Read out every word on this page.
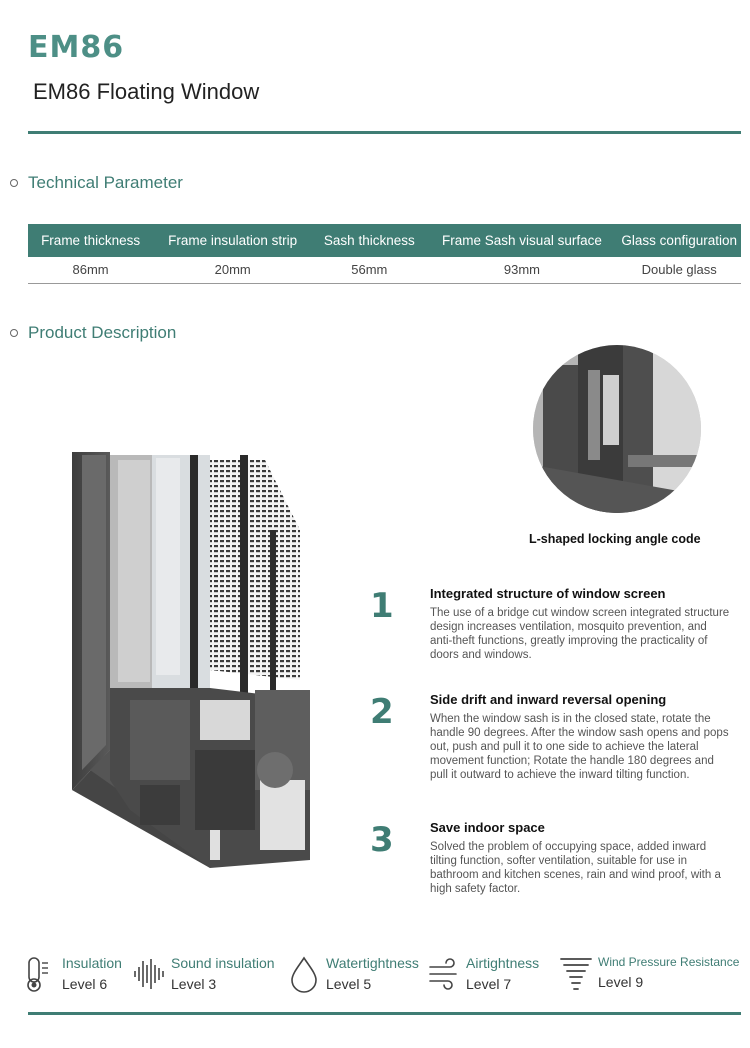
EM86
EM86 Floating Window
Technical Parameter
Frame thickness	Frame insulation strip	Sash thickness	Frame Sash visual surface	Glass configuration
86mm	20mm	56mm	93mm	Double glass
Product Description
L-shaped locking angle code
1	Integrated structure of window screen
The use of a bridge cut window screen integrated structure design increases ventilation, mosquito prevention, and anti-theft functions, greatly improving the practicality of doors and windows.
2	Side drift and inward reversal opening
When the window sash is in the closed state, rotate the handle 90 degrees. After the window sash opens and pops out, push and pull it to one side to achieve the lateral movement function; Rotate the handle 180 degrees and pull it outward to achieve the inward tilting function.
3	Save indoor space
Solved the problem of occupying space, added inward tilting function, softer ventilation, suitable for use in bathroom and kitchen scenes, rain and wind proof, with a high safety factor.
Insulation
Level 6
Sound insulation
Level 3
Watertightness
Level 5
Airtightness
Level 7
Wind Pressure Resistance
Level 9
